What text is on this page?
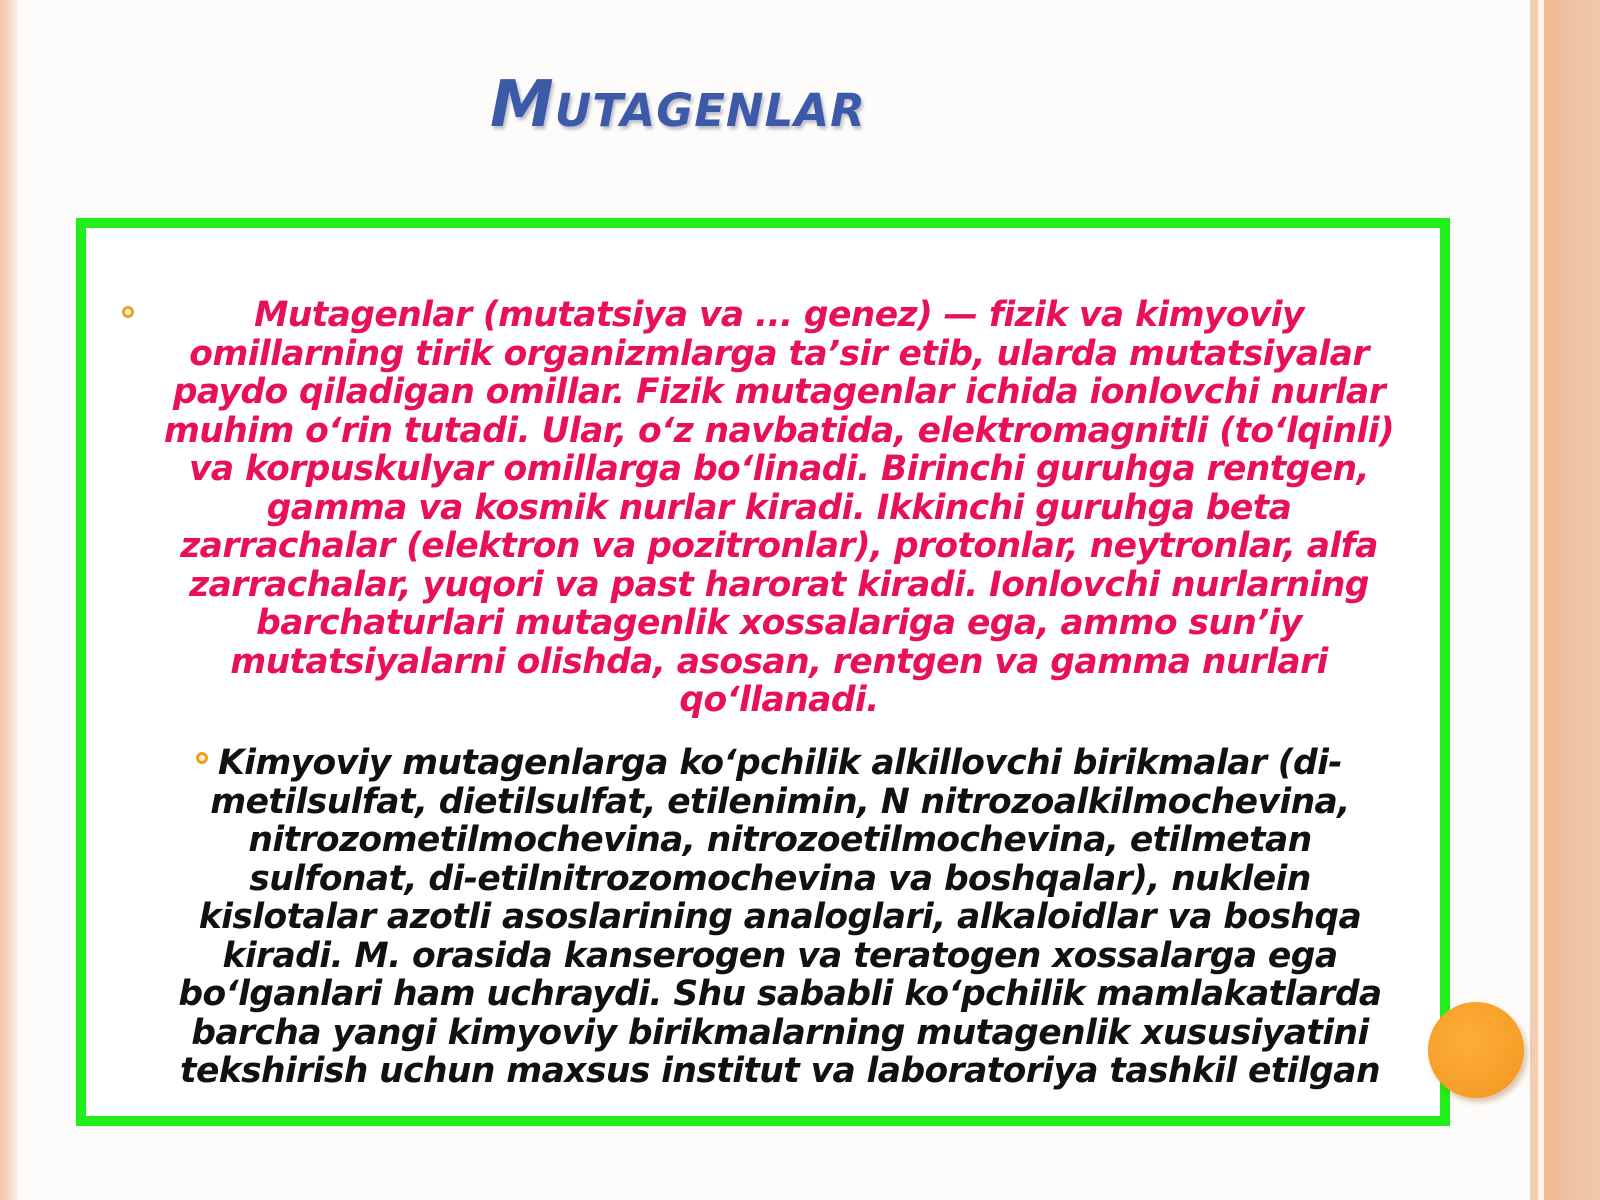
Mutagenlar

Mutagenlar (mutatsiya va ... genez) — fizik va kimyoviy omillarning tirik organizmlarga ta’sir etib, ularda mutatsiyalar paydo qiladigan omillar. Fizik mutagenlar ichida ionlovchi nurlar muhim o‘rin tutadi. Ular, o‘z navbatida, elektromagnitli (to‘lqinli) va korpuskulyar omillarga bo‘linadi. Birinchi guruhga rentgen, gamma va kosmik nurlar kiradi. Ikkinchi guruhga beta zarrachalar (elektron va pozitronlar), protonlar, neytronlar, alfa zarrachalar, yuqori va past harorat kiradi. Ionlovchi nurlarning barchaturlari mutagenlik xossalariga ega, ammo sun’iy mutatsiyalarni olishda, asosan, rentgen va gamma nurlari qo‘llanadi.

Kimyoviy mutagenlarga ko‘pchilik alkillovchi birikmalar (di-metilsulfat, dietilsulfat, etilenimin, N nitrozoalkilmochevina, nitrozometilmochevina, nitrozoetilmochevina, etilmetan sulfonat, di-etilnitrozomochevina va boshqalar), nuklein kislotalar azotli asoslarining analoglari, alkaloidlar va boshqa kiradi. M. orasida kanserogen va teratogen xossalarga ega bo‘lganlari ham uchraydi. Shu sababli ko‘pchilik mamlakatlarda barcha yangi kimyoviy birikmalarning mutagenlik xususiyatini tekshirish uchun maxsus institut va laboratoriya tashkil etilgan
